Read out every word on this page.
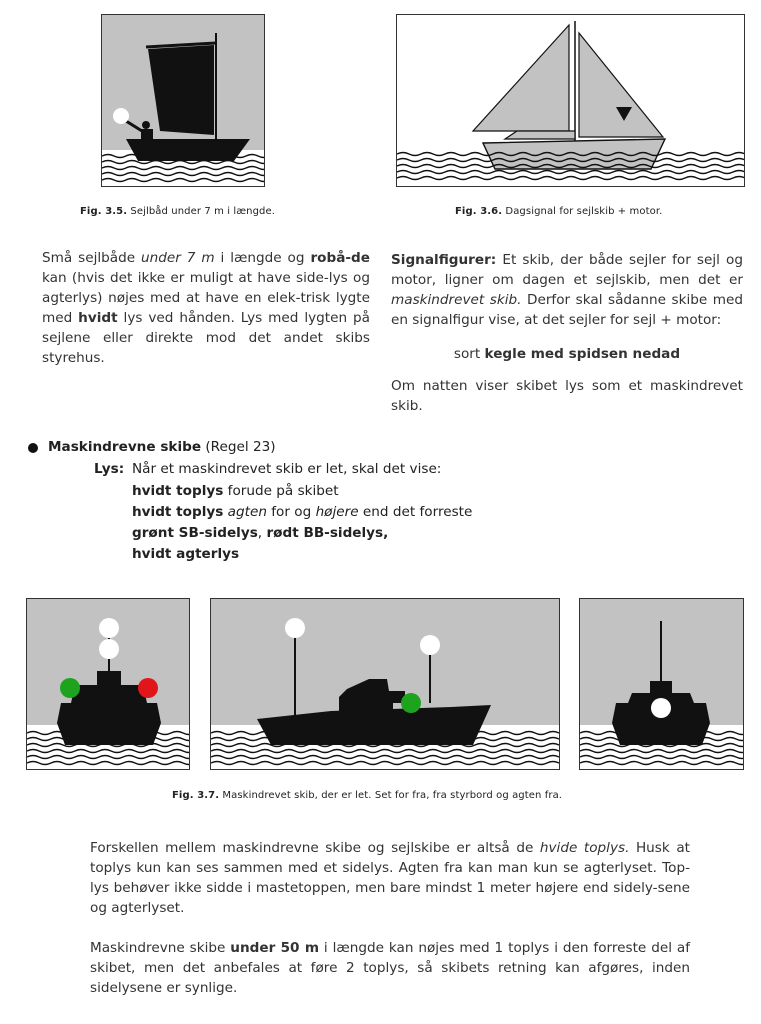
Fig. 3.5. Sejlbåd under 7 m i længde.	Fig. 3.6. Dagsignal for sejlskib + motor.
Små sejlbåde under 7 m i længde og robå-de kan (hvis det ikke er muligt at have side-lys og agterlys) nøjes med at have en elek-trisk lygte med hvidt lys ved hånden. Lys med lygten på sejlene eller direkte mod det andet skibs styrehus.
Signalfigurer: Et skib, der både sejler for sejl og motor, ligner om dagen et sejlskib, men det er maskindrevet skib. Derfor skal sådanne skibe med en signalfigur vise, at det sejler for sejl + motor:
sort kegle med spidsen nedad
Om natten viser skibet lys som et maskindrevet skib.
Maskindrevne skibe (Regel 23)
Lys: Når et maskindrevet skib er let, skal det vise:
hvidt toplys forude på skibet
hvidt toplys agten for og højere end det forreste
grønt SB-sidelys, rødt BB-sidelys,
hvidt agterlys
Fig. 3.7. Maskindrevet skib, der er let. Set for fra, fra styrbord og agten fra.
Forskellen mellem maskindrevne skibe og sejlskibe er altså de hvide toplys. Husk at toplys kun kan ses sammen med et sidelys. Agten fra kan man kun se agterlyset. Top-lys behøver ikke sidde i mastetoppen, men bare mindst 1 meter højere end sidely-sene og agterlyset.
Maskindrevne skibe under 50 m i længde kan nøjes med 1 toplys i den forreste del af skibet, men det anbefales at føre 2 toplys, så skibets retning kan afgøres, inden sidelysene er synlige.
